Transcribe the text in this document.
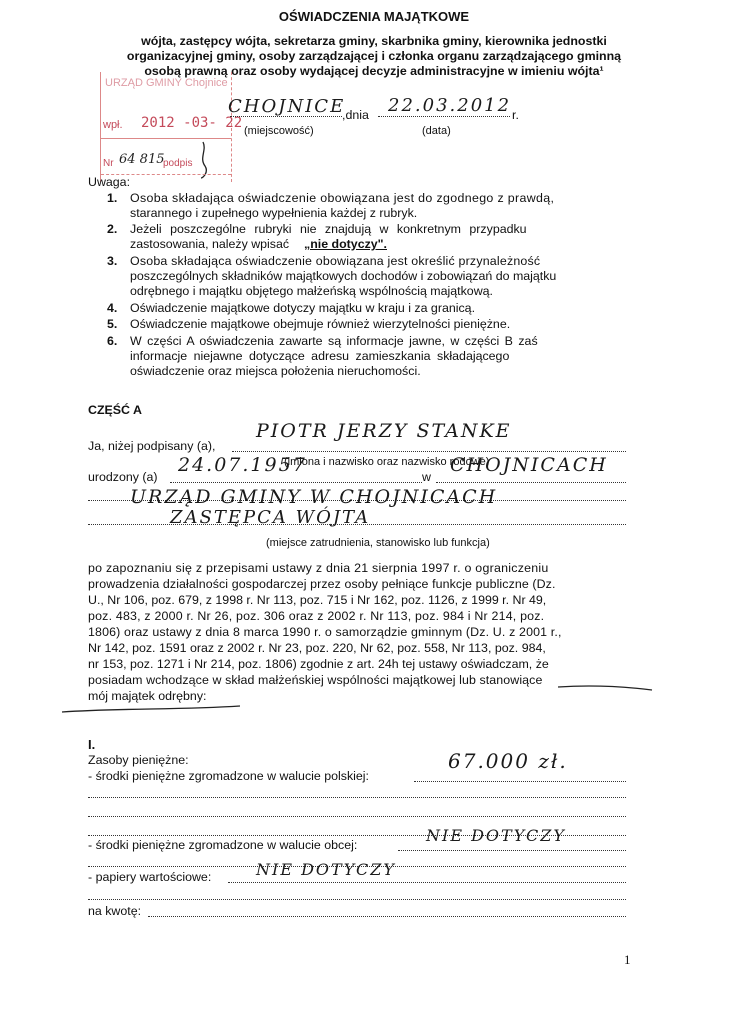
OŚWIADCZENIA MAJĄTKOWE
wójta, zastępcy wójta, sekretarza gminy, skarbnika gminy, kierownika jednostki
organizacyjnej gminy, osoby zarządzającej i członka organu zarządzającego gminną
osobą prawną oraz osoby wydającej decyzje administracyjne w imieniu wójta¹
URZĄD GMINY Chojnice
wpł. 2012 -03- 22
Nr 64 815
podpis
CHOJNICE
,dnia 22.03.2012 r.
(miejscowość)	(data)
Uwaga:
1. Osoba składająca oświadczenie obowiązana jest do zgodnego z prawdą,
starannego i zupełnego wypełnienia każdej z rubryk.
2. Jeżeli poszczególne rubryki nie znajdują w konkretnym przypadku
zastosowania, należy wpisać „nie dotyczy".
3. Osoba składająca oświadczenie obowiązana jest określić przynależność
poszczególnych składników majątkowych dochodów i zobowiązań do majątku
odrębnego i majątku objętego małżeńską wspólnością majątkową.
4. Oświadczenie majątkowe dotyczy majątku w kraju i za granicą.
5. Oświadczenie majątkowe obejmuje również wierzytelności pieniężne.
6. W części A oświadczenia zawarte są informacje jawne, w części B zaś
informacje niejawne dotyczące adresu zamieszkania składającego
oświadczenie oraz miejsca położenia nieruchomości.
CZĘŚĆ A
Ja, niżej podpisany (a),
PIOTR JERZY STANKE
(imiona i nazwisko oraz nazwisko rodowe)
urodzony (a)
24.07.1957
w
CHOJNICACH
URZĄD GMINY W CHOJNICACH
ZASTĘPCA WÓJTA
(miejsce zatrudnienia, stanowisko lub funkcja)
po zapoznaniu się z przepisami ustawy z dnia 21 sierpnia 1997 r. o ograniczeniu
prowadzenia działalności gospodarczej przez osoby pełniące funkcje publiczne (Dz.
U., Nr 106, poz. 679, z 1998 r. Nr 113, poz. 715 i Nr 162, poz. 1126, z 1999 r. Nr 49,
poz. 483, z 2000 r. Nr 26, poz. 306 oraz z 2002 r. Nr 113, poz. 984 i Nr 214, poz.
1806) oraz ustawy z dnia 8 marca 1990 r. o samorządzie gminnym (Dz. U. z 2001 r.,
Nr 142, poz. 1591 oraz z 2002 r. Nr 23, poz. 220, Nr 62, poz. 558, Nr 113, poz. 984,
nr 153, poz. 1271 i Nr 214, poz. 1806) zgodnie z art. 24h tej ustawy oświadczam, że
posiadam wchodzące w skład małżeńskiej wspólności majątkowej lub stanowiące
mój majątek odrębny:
I.
Zasoby pieniężne:
- środki pieniężne zgromadzone w walucie polskiej:
67.000 zł.
- środki pieniężne zgromadzone w walucie obcej:	NIE DOTYCZY
- papiery wartościowe:	NIE DOTYCZY
na kwotę:
1
